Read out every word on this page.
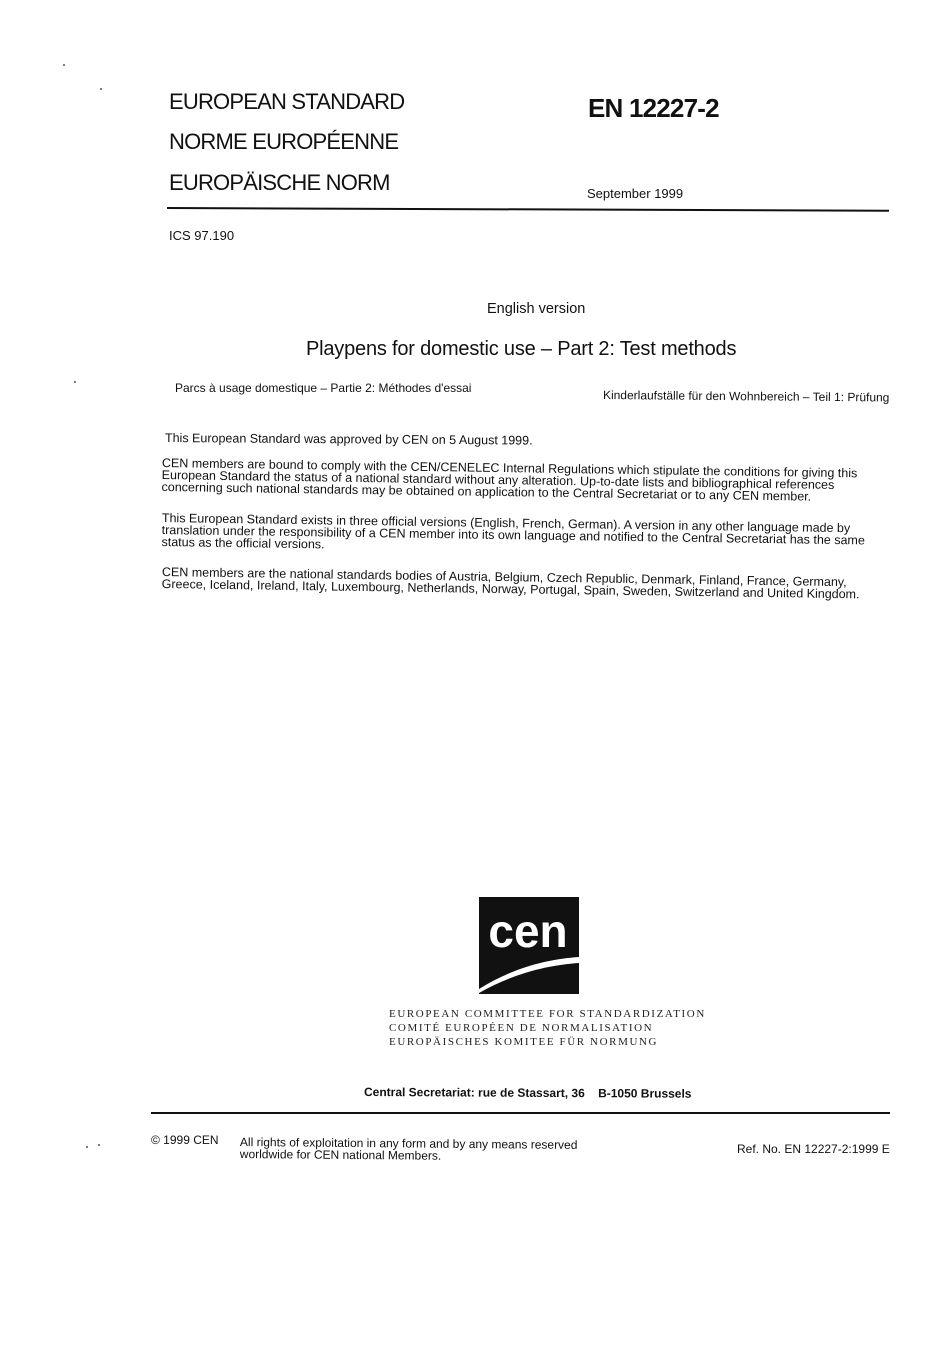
EUROPEAN STANDARD
NORME EUROPÉENNE
EUROPÄISCHE NORM
EN 12227-2
September 1999
ICS 97.190
English version
Playpens for domestic use – Part 2: Test methods
Parcs à usage domestique – Partie 2: Méthodes d'essai
Kinderlaufställe für den Wohnbereich – Teil 1: Prüfung
This European Standard was approved by CEN on 5 August 1999.

CEN members are bound to comply with the CEN/CENELEC Internal Regulations which stipulate the conditions for giving this European Standard the status of a national standard without any alteration. Up-to-date lists and bibliographical references concerning such national standards may be obtained on application to the Central Secretariat or to any CEN member.

This European Standard exists in three official versions (English, French, German). A version in any other language made by translation under the responsibility of a CEN member into its own language and notified to the Central Secretariat has the same status as the official versions.

CEN members are the national standards bodies of Austria, Belgium, Czech Republic, Denmark, Finland, France, Germany, Greece, Iceland, Ireland, Italy, Luxembourg, Netherlands, Norway, Portugal, Spain, Sweden, Switzerland and United Kingdom.

cen
EUROPEAN COMMITTEE FOR STANDARDIZATION
COMITÉ EUROPÉEN DE NORMALISATION
EUROPÄISCHES KOMITEE FÜR NORMUNG
Central Secretariat: rue de Stassart, 36    B-1050 Brussels
© 1999 CEN All rights of exploitation in any form and by any means reserved worldwide for CEN national Members.	Ref. No. EN 12227-2:1999 E
